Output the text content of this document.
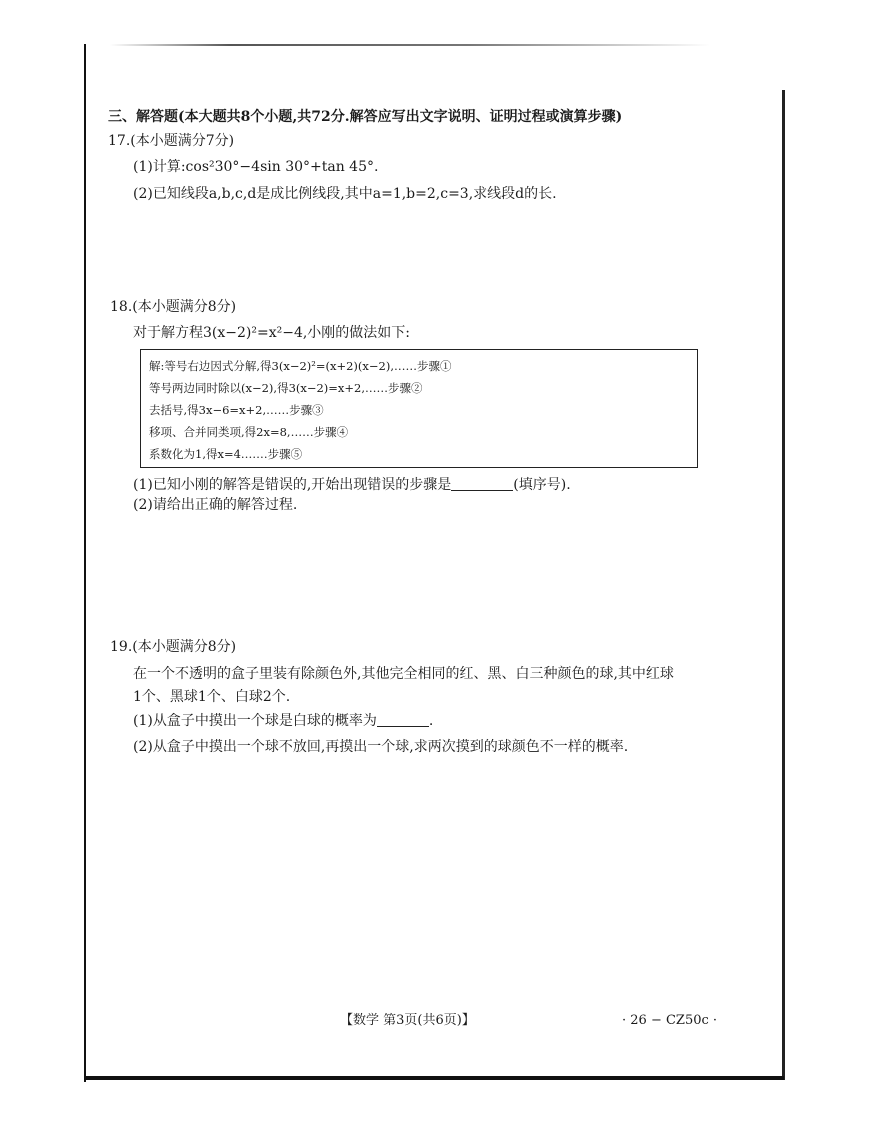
三、解答题(本大题共8个小题,共72分.解答应写出文字说明、证明过程或演算步骤)
17.(本小题满分7分)
(1)计算:cos²30°−4sin 30°+tan 45°.
(2)已知线段a,b,c,d是成比例线段,其中a=1,b=2,c=3,求线段d的长.
18.(本小题满分8分)
对于解方程3(x−2)²=x²−4,小刚的做法如下:
解:等号右边因式分解,得3(x−2)²=(x+2)(x−2),……步骤①
等号两边同时除以(x−2),得3(x−2)=x+2,……步骤②
去括号,得3x−6=x+2,……步骤③
移项、合并同类项,得2x=8,……步骤④
系数化为1,得x=4.……步骤⑤
(1)已知小刚的解答是错误的,开始出现错误的步骤是	(填序号).
(2)请给出正确的解答过程.
19.(本小题满分8分)
在一个不透明的盒子里装有除颜色外,其他完全相同的红、黑、白三种颜色的球,其中红球
1个、黑球1个、白球2个.
(1)从盒子中摸出一个球是白球的概率为	.
(2)从盒子中摸出一个球不放回,再摸出一个球,求两次摸到的球颜色不一样的概率.
【数学 第3页(共6页)】	· 26 − CZ50c ·
